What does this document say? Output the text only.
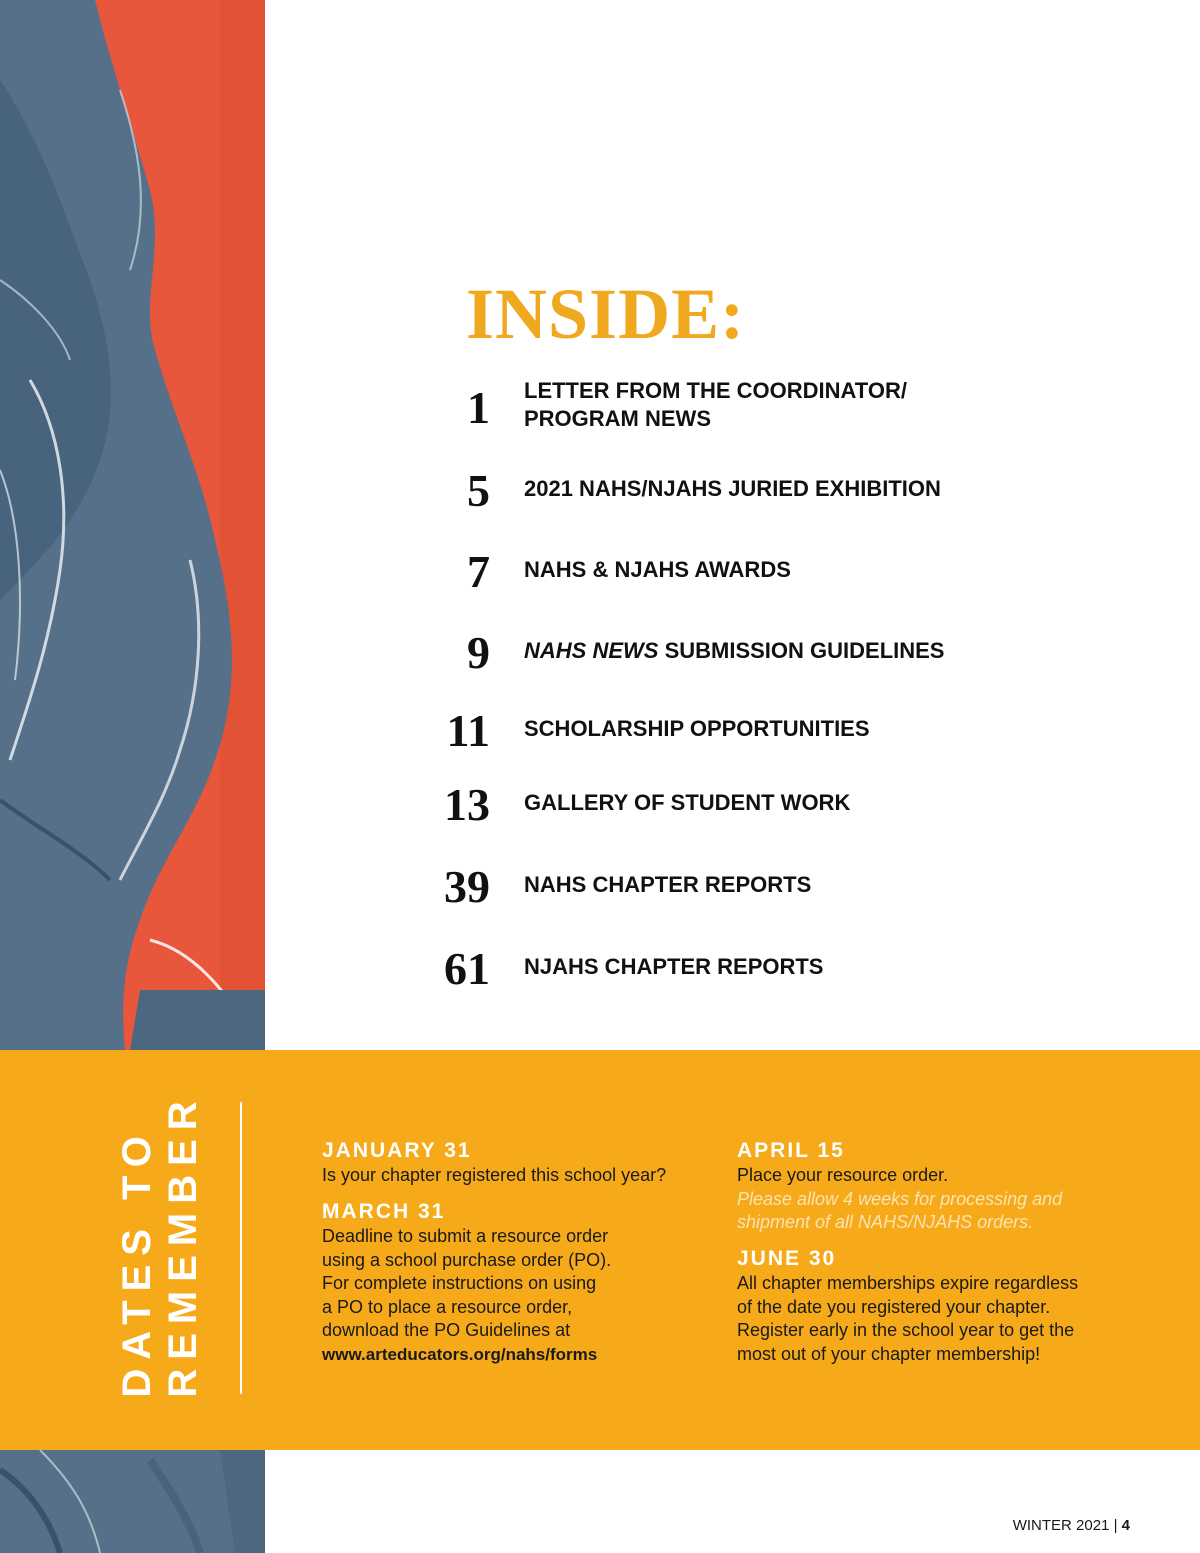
INSIDE:
1 LETTER FROM THE COORDINATOR/
PROGRAM NEWS
5 2021 NAHS/NJAHS JURIED EXHIBITION
7 NAHS & NJAHS AWARDS
9 NAHS NEWS SUBMISSION GUIDELINES
11 SCHOLARSHIP OPPORTUNITIES
13 GALLERY OF STUDENT WORK
39 NAHS CHAPTER REPORTS
61 NJAHS CHAPTER REPORTS
DATES TO
REMEMBER	JANUARY 31
Is your chapter registered this school year?
MARCH 31
Deadline to submit a resource order
using a school purchase order (PO).
For complete instructions on using
a PO to place a resource order,
download the PO Guidelines at
www.arteducators.org/nahs/forms
APRIL 15
Place your resource order.
Please allow 4 weeks for processing and
shipment of all NAHS/NJAHS orders.
JUNE 30
All chapter memberships expire regardless
of the date you registered your chapter.
Register early in the school year to get the
most out of your chapter membership!
WINTER 2021 | 4
